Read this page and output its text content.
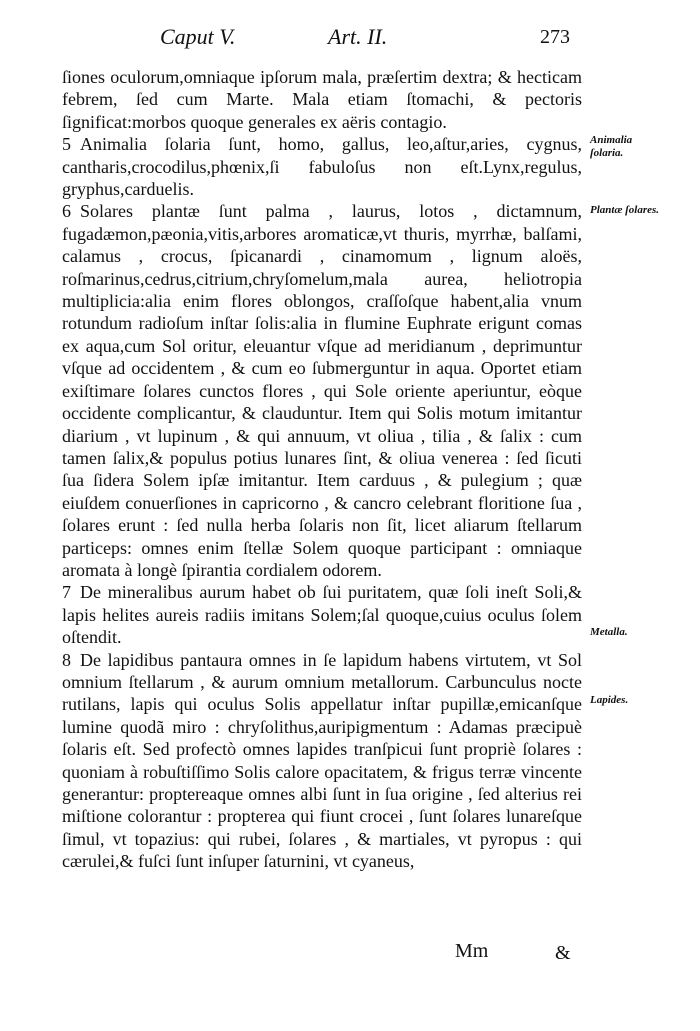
Caput V.	Art. II.	273

ſiones oculorum,omniaque ipſorum mala, præſertim dextra; & hecticam febrem, ſed cum Marte. Mala etiam ſtomachi, & pectoris ſignificat:morbos quoque generales ex aëris contagio.

5 Animalia ſolaria ſunt, homo, gallus, leo,aſtur,aries, cygnus, cantharis,crocodilus,phœnix,ſi fabuloſus non eſt.Lynx,regulus, gryphus,carduelis.

6 Solares plantæ ſunt palma , laurus, lotos , dictamnum, fugadæmon,pæonia,vitis,arbores aromaticæ,vt thuris, myrrhæ, balſami, calamus , crocus, ſpicanardi , cinamomum , lignum aloës, roſmarinus,cedrus,citrium,chryſomelum,mala aurea, heliotropia multiplicia:alia enim flores oblongos, craſſoſque habent,alia vnum rotundum radioſum inſtar ſolis:alia in flumine Euphrate erigunt comas ex aqua,cum Sol oritur, eleuantur vſque ad meridianum , deprimuntur vſque ad occidentem , & cum eo ſubmerguntur in aqua. Oportet etiam exiſtimare ſolares cunctos flores , qui Sole oriente aperiuntur, eòque occidente complicantur, & clauduntur. Item qui Solis motum imitantur diarium , vt lupinum , & qui annuum, vt oliua , tilia , & ſalix : cum tamen ſalix,& populus potius lunares ſint, & oliua venerea : ſed ſicuti ſua ſidera Solem ipſæ imitantur. Item carduus , & pulegium ; quæ eiuſdem conuerſiones in capricorno , & cancro celebrant floritione ſua , ſolares erunt : ſed nulla herba ſolaris non ſit, licet aliarum ſtellarum particeps: omnes enim ſtellæ Solem quoque participant : omniaque aromata à longè ſpirantia cordialem odorem.

7 De mineralibus aurum habet ob ſui puritatem, quæ ſoli ineſt Soli,& lapis helites aureis radiis imitans Solem;ſal quoque,cuius oculus ſolem oſtendit.

8 De lapidibus pantaura omnes in ſe lapidum habens virtutem, vt Sol omnium ſtellarum , & aurum omnium metallorum. Carbunculus nocte rutilans, lapis qui oculus Solis appellatur inſtar pupillæ,emicanſque lumine quodã miro : chryſolithus,auripigmentum : Adamas præcipuè ſolaris eſt. Sed profectò omnes lapides tranſpicui ſunt propriè ſolares : quoniam à robuſtiſſimo Solis calore opacitatem, & frigus terræ vincente generantur: proptereaque omnes albi ſunt in ſua origine , ſed alterius rei miſtione colorantur : propterea qui fiunt crocei , ſunt ſolares lunareſque ſimul, vt topazius: qui rubei, ſolares , & martiales, vt pyropus : qui cærulei,& fuſci ſunt inſuper ſaturnini, vt cyaneus,

Animalia ſolaria.
Plantæ ſolares.
Metalla.
Lapides.
Mm	&
